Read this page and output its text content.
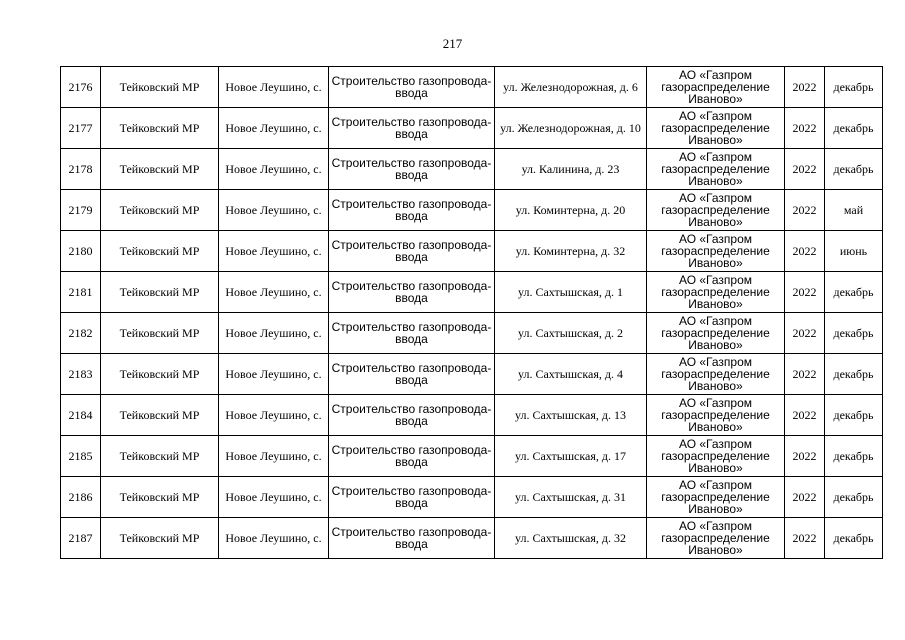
217
2176	Тейковский МР	Новое Леушино, с.	Строительство газопровода-ввода	ул. Железнодорожная, д. 6	АО «Газпром газораспределение Иваново»	2022	декабрь
2177	Тейковский МР	Новое Леушино, с.	Строительство газопровода-ввода	ул. Железнодорожная, д. 10	АО «Газпром газораспределение Иваново»	2022	декабрь
2178	Тейковский МР	Новое Леушино, с.	Строительство газопровода-ввода	ул. Калинина, д. 23	АО «Газпром газораспределение Иваново»	2022	декабрь
2179	Тейковский МР	Новое Леушино, с.	Строительство газопровода-ввода	ул. Коминтерна, д. 20	АО «Газпром газораспределение Иваново»	2022	май
2180	Тейковский МР	Новое Леушино, с.	Строительство газопровода-ввода	ул. Коминтерна, д. 32	АО «Газпром газораспределение Иваново»	2022	июнь
2181	Тейковский МР	Новое Леушино, с.	Строительство газопровода-ввода	ул. Сахтышская, д. 1	АО «Газпром газораспределение Иваново»	2022	декабрь
2182	Тейковский МР	Новое Леушино, с.	Строительство газопровода-ввода	ул. Сахтышская, д. 2	АО «Газпром газораспределение Иваново»	2022	декабрь
2183	Тейковский МР	Новое Леушино, с.	Строительство газопровода-ввода	ул. Сахтышская, д. 4	АО «Газпром газораспределение Иваново»	2022	декабрь
2184	Тейковский МР	Новое Леушино, с.	Строительство газопровода-ввода	ул. Сахтышская, д. 13	АО «Газпром газораспределение Иваново»	2022	декабрь
2185	Тейковский МР	Новое Леушино, с.	Строительство газопровода-ввода	ул. Сахтышская, д. 17	АО «Газпром газораспределение Иваново»	2022	декабрь
2186	Тейковский МР	Новое Леушино, с.	Строительство газопровода-ввода	ул. Сахтышская, д. 31	АО «Газпром газораспределение Иваново»	2022	декабрь
2187	Тейковский МР	Новое Леушино, с.	Строительство газопровода-ввода	ул. Сахтышская, д. 32	АО «Газпром газораспределение Иваново»	2022	декабрь
